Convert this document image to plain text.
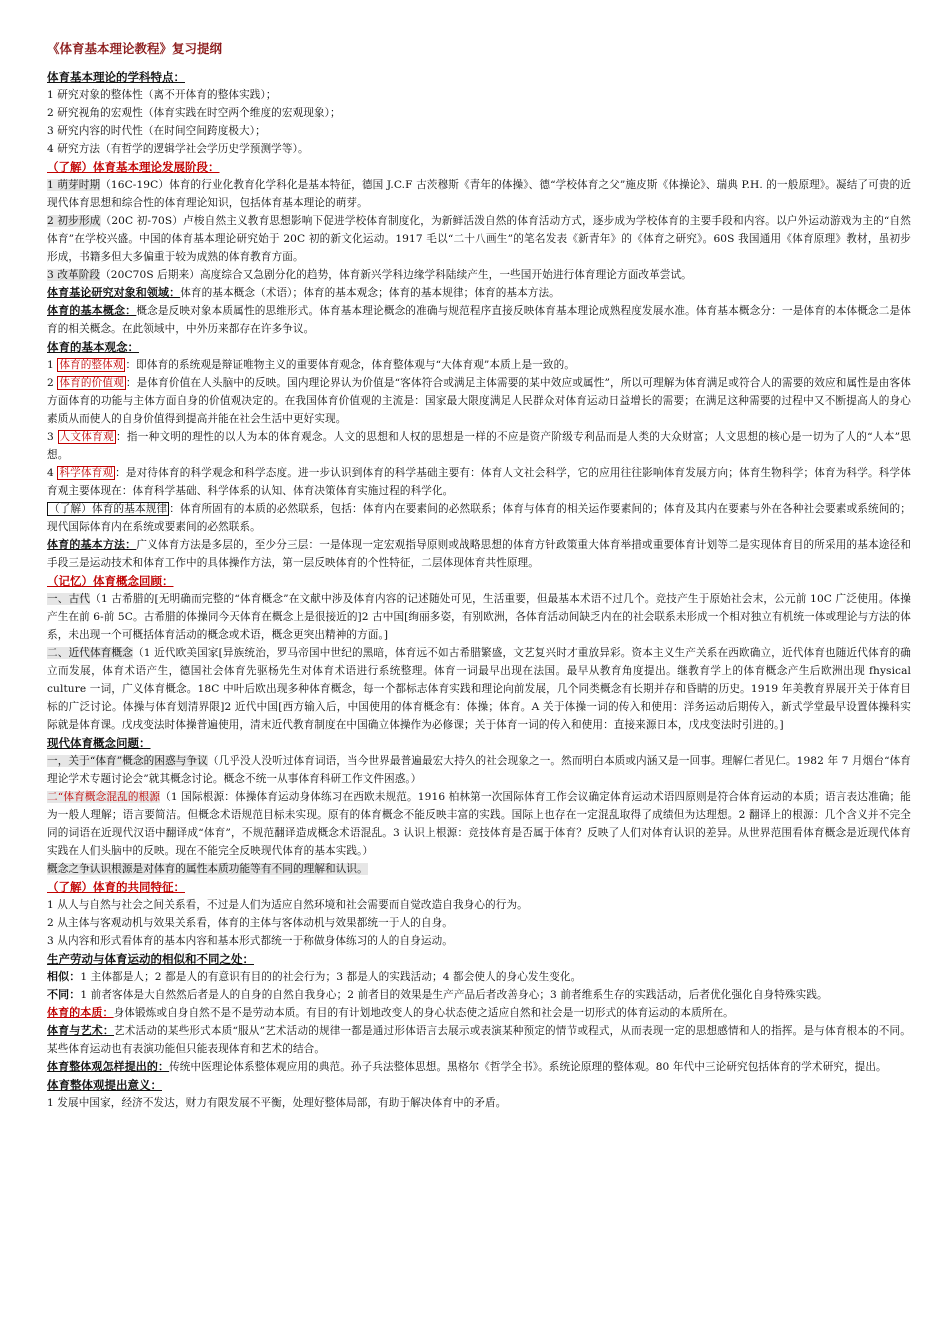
《体育基本理论教程》复习提纲
体育基本理论的学科特点：

1 研究对象的整体性（离不开体育的整体实践）；

2 研究视角的宏观性（体育实践在时空两个维度的宏观现象）；

3 研究内容的时代性（在时间空间跨度极大）；

4 研究方法（有哲学的逻辑学社会学历史学预测学等）。

（了解）体育基本理论发展阶段：

1 萌芽时期（16C-19C）体育的行业化教育化学科化是基本特征，德国 J.C.F 古茨穆斯《青年的体操》、德“学校体育之父”施皮斯《体操论》、瑞典 P.H. 的一般原理》。凝结了可贵的近现代体育思想和综合性的体育理论知识，包括体育基本理论的萌芽。

2 初步形成（20C 初-70S）卢梭自然主义教育思想影响下促进学校体育制度化，为新鲜活泼自然的体育活动方式，逐步成为学校体育的主要手段和内容。以户外运动游戏为主的“自然体育”在学校兴盛。中国的体育基本理论研究始于 20C 初的新文化运动。1917 毛以“二十八画生”的笔名发表《新青年》的《体育之研究》。60S 我国通用《体育原理》教材，虽初步形成，书籍多但大多偏重于较为成熟的体育教育方面。

3 改革阶段（20C70S 后期来）高度综合又急剧分化的趋势，体育新兴学科边缘学科陆续产生，一些国开始进行体育理论方面改革尝试。

体育基论研究对象和领域：体育的基本概念（术语）；体育的基本观念；体育的基本规律；体育的基本方法。

体育的基本概念：概念是反映对象本质属性的思维形式。体育基本理论概念的准确与规范程序直接反映体育基本理论成熟程度发展水准。体育基本概念分：一是体育的本体概念二是体育的相关概念。在此领域中，中外历来都存在许多争议。

体育的基本观念：

1 体育的整体观 ：即体育的系统观是辩证唯物主义的重要体育观念，体育整体观与“大体育观”本质上是一致的。

2 体育的价值观 ：是体育价值在人头脑中的反映。国内理论界认为价值是“客体符合或满足主体需要的某中效应或属性”，所以可理解为体育满足或符合人的需要的效应和属性是由客体方面体育的功能与主体方面自身的价值观决定的。在我国体育价值观的主流是：国家最大限度满足人民群众对体育运动日益增长的需要；在满足这种需要的过程中又不断提高人的身心素质从而使人的自身价值得到提高并能在社会生活中更好实现。

3 人文体育观 ：指一种文明的理性的以人为本的体育观念。人文的思想和人权的思想是一样的不应是资产阶级专利品而是人类的大众财富；人文思想的核心是一切为了人的“人本”思想。

4 科学体育观 ：是对待体育的科学观念和科学态度。进一步认识到体育的科学基础主要有：体育人文社会科学，它的应用往往影响体育发展方向；体育生物科学；体育为科学。科学体育观主要体现在：体育科学基础、科学体系的认知、体育决策体育实施过程的科学化。

（了解）体育的基本规律 ：体育所固有的本质的必然联系，包括：体育内在要素间的必然联系；体育与体育的相关运作要素间的；体育及其内在要素与外在各种社会要素或系统间的；现代国际体育内在系统或要素间的必然联系。

体育的基本方法：广义体育方法是多层的，至少分三层：一是体现一定宏观指导原则或战略思想的体育方针政策重大体育举措或重要体育计划等二是实现体育目的所采用的基本途径和手段三是运动技术和体育工作中的具体操作方法，第一层反映体育的个性特征，二层体现体育共性原理。

（记忆）体育概念回顾：

一、古代（1 古希腊的[无明确而完整的“体育概念”在文献中涉及体育内容的记述随处可见，生活重要，但最基本术语不过几个。竞技产生于原始社会末，公元前 10C 广泛使用。体操产生在前 6-前 5C。古希腊的体操同今天体育在概念上是很接近的]2 古中国[绚丽多姿，有别欧洲，各体育活动间缺乏内在的社会联系未形成一个相对独立有机统一体或理论与方法的体系，未出现一个可概括体育活动的概念或术语，概念更突出精神的方面。]

二、近代体育概念（1 近代欧美国家[异族统治，罗马帝国中世纪的黑暗，体育远不如古希腊繁盛，文艺复兴时才重放异彩。资本主义生产关系在西欧确立，近代体育也随近代体育的确立而发展，体育术语产生，德国社会体育先驱杨先生对体育术语进行系统整理。体育一词最早出现在法国。最早从教育角度提出。继教育学上的体育概念产生后欧洲出现 fhysical culture 一词，广义体育概念。18C 中叶后欧出现多种体育概念，每一个都标志体育实践和理论向前发展，几个同类概念有长期并存和昏睛的历史。1919 年美教育界展开关于体育目标的广泛讨论。体操与体育划清界限]2 近代中国[西方输入后，中国使用的体育概念有：体操；体育。A 关于体操一词的传入和使用：洋务运动后期传入，新式学堂最早设置体操科实际就是体育课。戊戌变法时体操普遍使用，清末近代教育制度在中国确立体操作为必修课；关于体育一词的传入和使用：直接来源日本，戊戌变法时引进的。]

现代体育概念问题：

一，关于“体育”概念的困惑与争议（几乎没人没听过体育词语，当今世界最普遍最宏大持久的社会现象之一。然而明白本质或内涵又是一回事。理解仁者见仁。1982 年 7 月烟台“体育理论学术专题讨论会”就其概念讨论。概念不统一从事体育科研工作文件困惑。）

二“体育概念混乱的根源（1 国际根源：体操体育运动身体练习在西欧未规范。1916 柏林第一次国际体育工作会议确定体育运动术语四原则是符合体育运动的本质；语言表达准确；能为一般人理解；语言要简洁。但概念术语规范目标未实现。原有的体育概念不能反映丰富的实践。国际上也存在一定混乱取得了成绩但为达理想。2 翻译上的根源：几个含义并不完全同的词语在近现代汉语中翻译成“体育”，不规范翻译造成概念术语混乱。3 认识上根源：竞技体育是否属于体育？反映了人们对体育认识的差异。从世界范围看体育概念是近现代体育实践在人们头脑中的反映。现在不能完全反映现代体育的基本实践。）

概念之争认识根源是对体育的属性本质功能等有不同的理解和认识。

（了解）体育的共同特征：

1 从人与自然与社会之间关系看，不过是人们为适应自然环境和社会需要而自觉改造自我身心的行为。

2 从主体与客观动机与效果关系看，体育的主体与客体动机与效果都统一于人的自身。

3 从内容和形式看体育的基本内容和基本形式都统一于称做身体练习的人的自身运动。

生产劳动与体育运动的相似和不同之处：

相似：1 主体都是人；2 都是人的有意识有目的的社会行为；3 都是人的实践活动；4 都会使人的身心发生变化。

不同：1 前者客体是大自然然后者是人的自身的自然自我身心；2 前者目的效果是生产产品后者改善身心；3 前者维系生存的实践活动，后者优化强化自身特殊实践。

体育的本质：身体锻炼或自身自然不是不是劳动本质。有目的有计划地改变人的身心状态使之适应自然和社会是一切形式的体育运动的本质所在。

体育与艺术：艺术活动的某些形式本质“服从”艺术活动的规律一都是通过形体语言去展示或表演某种预定的情节或程式，从而表现一定的思想感情和人的指挥。是与体育根本的不同。某些体育运动也有表演功能但只能表现体育和艺术的结合。

体育整体观怎样提出的：传统中医理论体系整体观应用的典范。孙子兵法整体思想。黑格尔《哲学全书》。系统论原理的整体观。80 年代中三论研究包括体育的学术研究，提出。

体育整体观提出意义：

1 发展中国家，经济不发达，财力有限发展不平衡，处理好整体局部，有助于解决体育中的矛盾。
